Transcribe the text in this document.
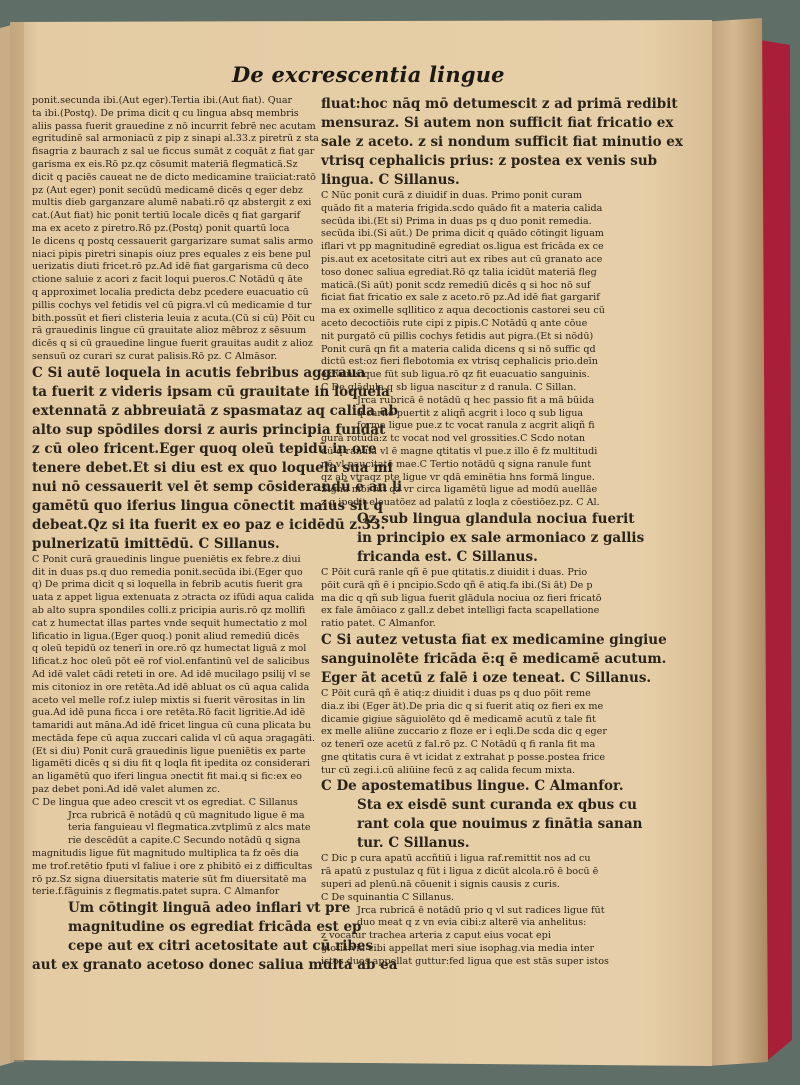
De excrescentia lingue
ponit.secunda ibi.(Aut eger).Tertia ibi.(Aut fiat). Quar
ta ibi.(Postq). De prima dicit q cu lingua absq membris
aliis passa fuerit grauedine z nō incurrit febrē nec acutam
egritudinē sal armoniacū z pip z sinapi al.33.z piretrū z sta
fisagria z baurach z sal ue ficcus sumāt z coquāt z fiat gar
garisma ex eis.Rō pz.qz cōsumit materiā flegmaticā.Sz
dicit q paciēs caueat ne de dicto medicamine traiiciat:ratō
pz (Aut eger) ponit secūdū medicamē dicēs q eger debz
multis dieb garganzare alumē nabati.rō qz abstergit z exi
cat.(Aut fiat) hic ponit tertiū locale dicēs q fiat gargarif
ma ex aceto z piretro.Rō pz.(Postq) ponit quartū loca
le dicens q postq cessauerit gargarizare sumat salis armo
niaci pipis piretri sinapis oiuz pres equales z eis bene pul
uerizatis diuti fricet.rō pz.Ad idē fiat gargarisma cū deco
ctione saluie z acori z facit loqui pueros.C Notādū q āte
q approximet localia predicta debz pcedere euacuatio cū
pillis cochys vel fetidis vel cū pigra.vl cū medicamie d tur
bith.possūt et fieri clisteria leuia z acuta.(Cū si cū) Pōit cu
rā grauedinis lingue cū grauitate alioz mēbroz z sēsuum
dicēs q si cū grauedine lingue fuerit grauitas audit z alioz
sensuū oz curari sz curat palisis.Rō pz. C Almāsor.
C Si autē loquela in acutis febribus aggraua
ta fuerit z videris ipsam cū grauitate in loquela
extennatā z abbreuiatā z spasmataz aq calida ab
alto sup spōdiles dorsi z auris principia fundat
z cū oleo fricent.Eger quoq oleū tepidū in ore
tenere debet.Et si diu est ex quo loquela sua mi
nui nō cessauerit vel ēt semp cōsiderandū ē an li
gamētū quo iferius lingua cōnectit maius sit q
debeat.Qz si ita fuerit ex eo paz e icidēdū z.33.
pulnerizatū imittēdū. C Sillanus.
C Ponit curā grauedinis lingue pueniētis ex febre.z diui
dit in duas ps.q duo remedia ponit.secūda ibi.(Eger quo
q) De prima dicit q si loquella in febrib acutis fuerit gra
uata z appet ligua extenuata z ɔtracta oz ifūdi aqua calida
ab alto supra spondiles colli.z pricipia auris.rō qz mollifi
cat z humectat illas partes vnde sequit humectatio z mol
lificatio in ligua.(Eger quoq.) ponit aliud remediū dicēs
q oleū tepidū oz tenerī in ore.rō qz humectat liguā z mol
lificat.z hoc oleū pōt eē rof viol.enfantinū vel de salicibus
Ad idē valet cādi reteti in ore. Ad idē mucilago psilij vl se
mis citonioz in ore retēta.Ad idē abluat os cū aqua calida
aceto vel melle rof.z iulep mixtis si fuerit vērositas in lin
gua.Ad idē puna ficca i ore retēta.Rō facit ligritie.Ad idē
tamaridi aut māna.Ad idē fricet lingua cū cuna plicata bu
mectāda fepe cū aqua zuccari calida vl cū aqua ɔragagāti.
(Et si diu) Ponit curā grauedinis ligue pueniētis ex parte
ligamēti dicēs q si diu fit q loqla fit ipedita oz considerari
an ligamētū quo iferi lingua ɔnectit fit mai.q si fic:ex eo
paz debet poni.Ad idē valet alumen zc.
C De lingua que adeo crescit vt os egrediat. C Sillanus
Jrca rubricā ē notādū q cū magnitudo ligue ē ma
teria fanguieau vl flegmatica.zvtplimū z alcs mate
rie descēdūt a capite.C Secundo notādū q signa
magnitudis ligue fūt magnitudo multiplica ta fz oēs dia
me trof.retētio fputi vl faliue i ore z phibitō ei z difficultas
rō pz.Sz signa diuersitatis materie sūt fm diuersitatē ma
terie.f.fāguinis z flegmatis.patet supra. C Almanfor
Um cōtingit linguā adeo inflari vt pre
magnitudine os egrediat fricāda est ep
cepe aut ex citri acetositate aut cū ribes
aut ex granato acetoso donec saliua multa ab ea
fluat:hoc nāq mō detumescit z ad primā redibit
mensuraz. Si autem non sufficit fiat fricatio ex
sale z aceto. z si nondum sufficit fiat minutio ex
vtrisq cephalicis prius: z postea ex venis sub
lingua. C Sillanus.
C Nūc ponit curā z diuidif in duas. Primo ponit curam
quādo fit a materia frigida.scdo quādo fit a materia calida
secūda ibi.(Et si) Prima in duas ps q duo ponit remedia.
secūda ibi.(Si aūt.) De prima dicit q quādo cōtingit liguam
iflari vt pp magnitudinē egrediat os.ligua est fricāda ex ce
pis.aut ex acetositate citri aut ex ribes aut cū granato ace
toso donec saliua egrediat.Rō qz talia icidūt materiā fleg
maticā.(Si aūt) ponit scdz remediū dicēs q si hoc nō suf
ficiat fiat fricatio ex sale z aceto.rō pz.Ad idē fiat gargarif
ma ex oximelle sqllitico z aqua decoctionis castorei seu cū
aceto decoctiōis rute cipi z pipis.C Notādū q ante cōue
nit purgatō cū pillis cochys fetidis aut pigra.(Et si nōdū)
Ponit curā qn fit a materia calida dicens q si nō suffic qd
dictū est:oz fieri flebotomia ex vtrisq cephalicis prio.deīn
ex venis que fūt sub ligua.rō qz fit euacuatio sanguinis.
C De glādula q sb ligua nascitur z d ranula. C Sillan.
Jrca rubricā ē notādū q hec passio fit a mā būida
q carnē puertit z aliqñ acgrit i loco q sub ligua
forma ligue pue.z tc vocat ranula z acgrit aliqñ fi
gurā rotūdā:z tc vocat nod vel grossities.C Scdo notan
dū q ranula vl ē magne qtitatis vl pue.z illo ē fz multitudi
nē vl paucitatē mae.C Tertio notādū q signa ranule funt
qz ab vtraqz pte ligue vr qdā eminētia hns formā lingue.
Signa mōi fūt qz vr circa ligamētū ligue ad modū auellāe
z q ipedit eleuatōez ad palatū z loqla z cōestiōez.pz. C Al.
Oz sub lingua glandula nociua fuerit
in principio ex sale armoniaco z gallis
fricanda est. C Sillanus.
C Pōit curā ranle qñ ē pue qtitatis.z diuidit i duas. Prio
pōit curā qñ ē i pncipio.Scdo qñ ē atiq.fa ibi.(Si āt) De p
ma dic q qñ sub ligua fuerit glādula nociua oz fieri fricatō
ex fale āmōiaco z gall.z debet intelligi facta scapellatione
ratio patet. C Almanfor.
C Si autez vetusta fiat ex medicamine gingiue
sanguinolēte fricāda ē:q ē medicamē acutum.
Eger āt acetū z falē i oze teneat. C Sillanus.
C Pōit curā qñ ē atiq:z diuidit i duas ps q duo pōit reme
dia.z ibi (Eger āt).De pria dic q si fuerit atiq oz fieri ex me
dicamie gigiue sāguiolēto qd ē medicamē acutū z tale fit
ex melle aliūne zuccario z floze er i eqli.De scda dic q eger
oz tenerī oze acetū z fal.rō pz. C Notādū q fi ranla fit ma
gne qtitatis cura ē vt icidat z extrahat p posse.postea frice
tur cū zegi.i.cū aliūine fecū z aq calida fecum mixta.
C De apostematibus lingue. C Almanfor.
Sta ex eisdē sunt curanda ex qbus cu
rant cola que nouimus z finātia sanan
tur. C Sillanus.
C Dic p cura apatū accñtiū i ligua raf.remittit nos ad cu
rā apatū z pustulaz q fūt i ligua z dicūt alcola.rō ē bocū ē
superi ad plenū.nā cōuenit i signis causis z curis.
C De squinantia C Sillanus.
Jrca rubricā ē notādū prio q vl sut radices ligue fūt
duo meat q z vn evia cibi:z alterē via anhelitus:
z vocatur trachea arteria z caput eius vocat epi
glotis.via cibi appellat meri siue isophag.via media inter
istos duos appellat guttur:fed ligua que est stās super istos
